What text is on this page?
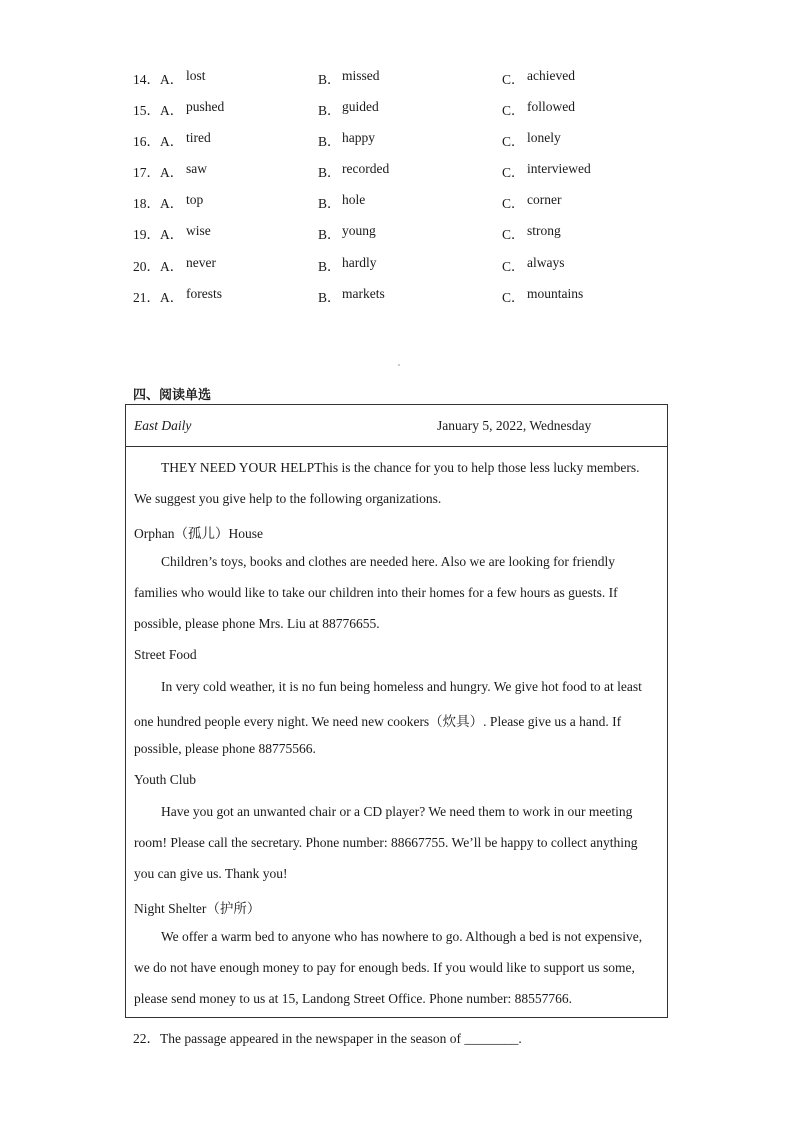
14． A． lost	B． missed	C． achieved
15． A． pushed	B． guided	C． followed
16． A． tired	B． happy	C． lonely
17． A． saw	B． recorded	C． interviewed
18． A． top	B． hole	C． corner
19． A． wise	B． young	C． strong
20． A． never	B． hardly	C． always
21． A． forests	B． markets	C． mountains
四、阅读单选
East Daily	January 5, 2022, Wednesday
THEY NEED YOUR HELPThis is the chance for you to help those less lucky members.
We suggest you give help to the following organizations.
Orphan（孤儿）House
Children’s toys, books and clothes are needed here. Also we are looking for friendly
families who would like to take our children into their homes for a few hours as guests. If
possible, please phone Mrs. Liu at 88776655.
Street Food
In very cold weather, it is no fun being homeless and hungry. We give hot food to at least
one hundred people every night. We need new cookers（炊具）. Please give us a hand. If
possible, please phone 88775566.
Youth Club
Have you got an unwanted chair or a CD player? We need them to work in our meeting
room! Please call the secretary. Phone number: 88667755. We’ll be happy to collect anything
you can give us. Thank you!
Night Shelter（护所）
We offer a warm bed to anyone who has nowhere to go. Although a bed is not expensive,
we do not have enough money to pay for enough beds. If you would like to support us some,
please send money to us at 15, Landong Street Office. Phone number: 88557766.
22．The passage appeared in the newspaper in the season of ________.
